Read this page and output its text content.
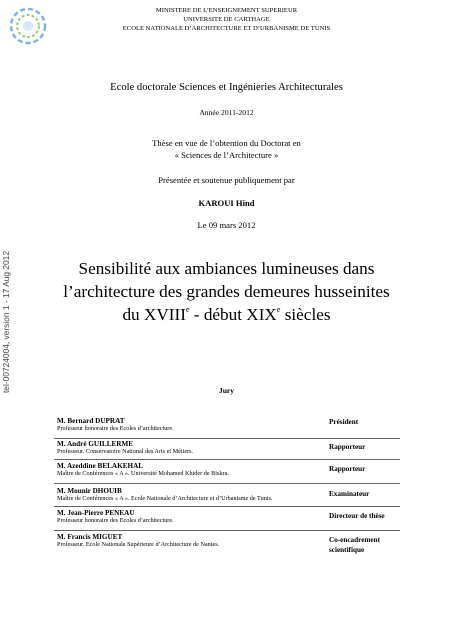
tel-00724004, version 1 - 17 Aug 2012
MINISTERE DE L’ENSEIGNEMENT SUPERIEUR
UNIVERSITE DE CARTHAGE
ECOLE NATIONALE D’ARCHITECTURE ET D’URBANISME DE TUNIS
Ecole doctorale Sciences et Ingénieries Architecturales
Année 2011-2012
Thèse en vue de l’obtention du Doctorat en
« Sciences de l’Architecture »
Présentée et soutenue publiquement par
KAROUI Hind
Le 09 mars 2012
Sensibilité aux ambiances lumineuses dans
l’architecture des grandes demeures husseinites
du XVIIIe - début XIXe siècles
Jury
M. Bernard DUPRAT
Professeur honoraire des Ecoles d’architecture.
Président
M. André GUILLERME
Professeur. Conservatoire National des Arts et Métiers.
Rapporteur
M. Azeddine BELAKEHAL
Maître de Conférences « A ». Université Mohamed Khider de Biskra.
Rapporteur
M. Mounir DHOUIB
Maître de Conférences « A ». Ecole Nationale d’Architecture et d’Urbanisme de Tunis.
Examinateur
M. Jean-Pierre PENEAU
Professeur honoraire des Ecoles d’architecture.
Directeur de thèse
M. Francis MIGUET
Professeur. Ecole Nationale Supérieure d’Architecture de Nantes.
Co-encadrement
scientifique
